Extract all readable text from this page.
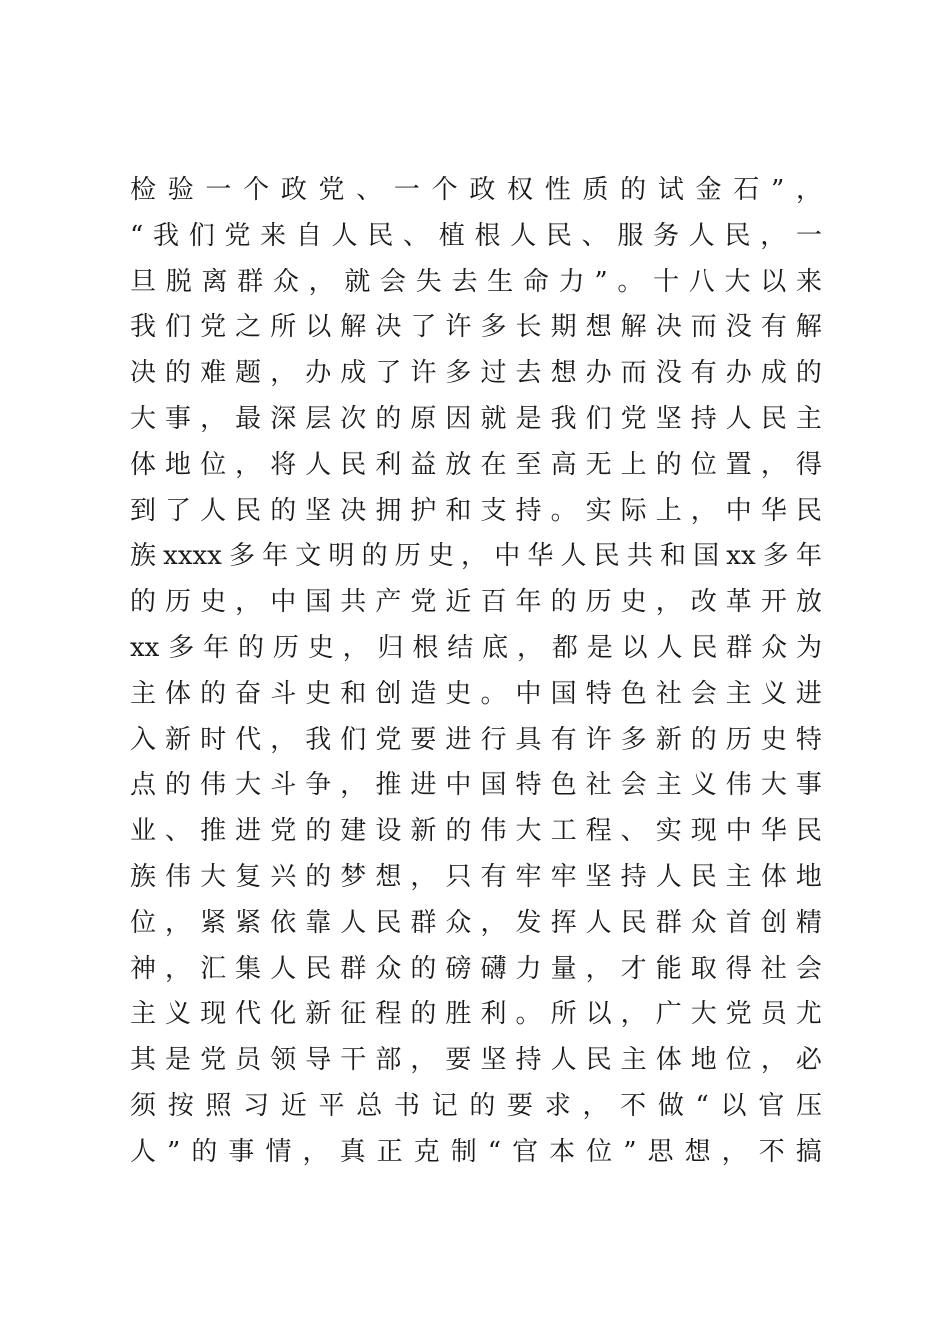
检 验 一 个 政 党 、 一 个 政 权 性 质 的 试 金 石 ” ，
“ 我 们 党 来 自 人 民 、 植 根 人 民 、 服 务 人 民 ， 一
旦 脱 离 群 众 ， 就 会 失 去 生 命 力 ” 。 十 八 大 以 来
我 们 党 之 所 以 解 决 了 许 多 长 期 想 解 决 而 没 有 解
决 的 难 题 ， 办 成 了 许 多 过 去 想 办 而 没 有 办 成 的
大 事 ， 最 深 层 次 的 原 因 就 是 我 们 党 坚 持 人 民 主
体 地 位 ， 将 人 民 利 益 放 在 至 高 无 上 的 位 置 ， 得
到 了 人 民 的 坚 决 拥 护 和 支 持 。 实 际 上 ， 中 华 民
族 xxxx 多 年 文 明 的 历 史 ， 中 华 人 民 共 和 国 xx 多 年
的 历 史 ， 中 国 共 产 党 近 百 年 的 历 史 ， 改 革 开 放
xx 多 年 的 历 史 ， 归 根 结 底 ， 都 是 以 人 民 群 众 为
主 体 的 奋 斗 史 和 创 造 史 。 中 国 特 色 社 会 主 义 进
入 新 时 代 ， 我 们 党 要 进 行 具 有 许 多 新 的 历 史 特
点 的 伟 大 斗 争 ， 推 进 中 国 特 色 社 会 主 义 伟 大 事
业 、 推 进 党 的 建 设 新 的 伟 大 工 程 、 实 现 中 华 民
族 伟 大 复 兴 的 梦 想 ， 只 有 牢 牢 坚 持 人 民 主 体 地
位 ， 紧 紧 依 靠 人 民 群 众 ， 发 挥 人 民 群 众 首 创 精
神 ， 汇 集 人 民 群 众 的 磅 礴 力 量 ， 才 能 取 得 社 会
主 义 现 代 化 新 征 程 的 胜 利 。 所 以 ， 广 大 党 员 尤
其 是 党 员 领 导 干 部 ， 要 坚 持 人 民 主 体 地 位 ， 必
须 按 照 习 近 平 总 书 记 的 要 求 ， 不 做 “ 以 官 压
人 ” 的 事 情 ， 真 正 克 制 “ 官 本 位 ” 思 想 ， 不 搞
